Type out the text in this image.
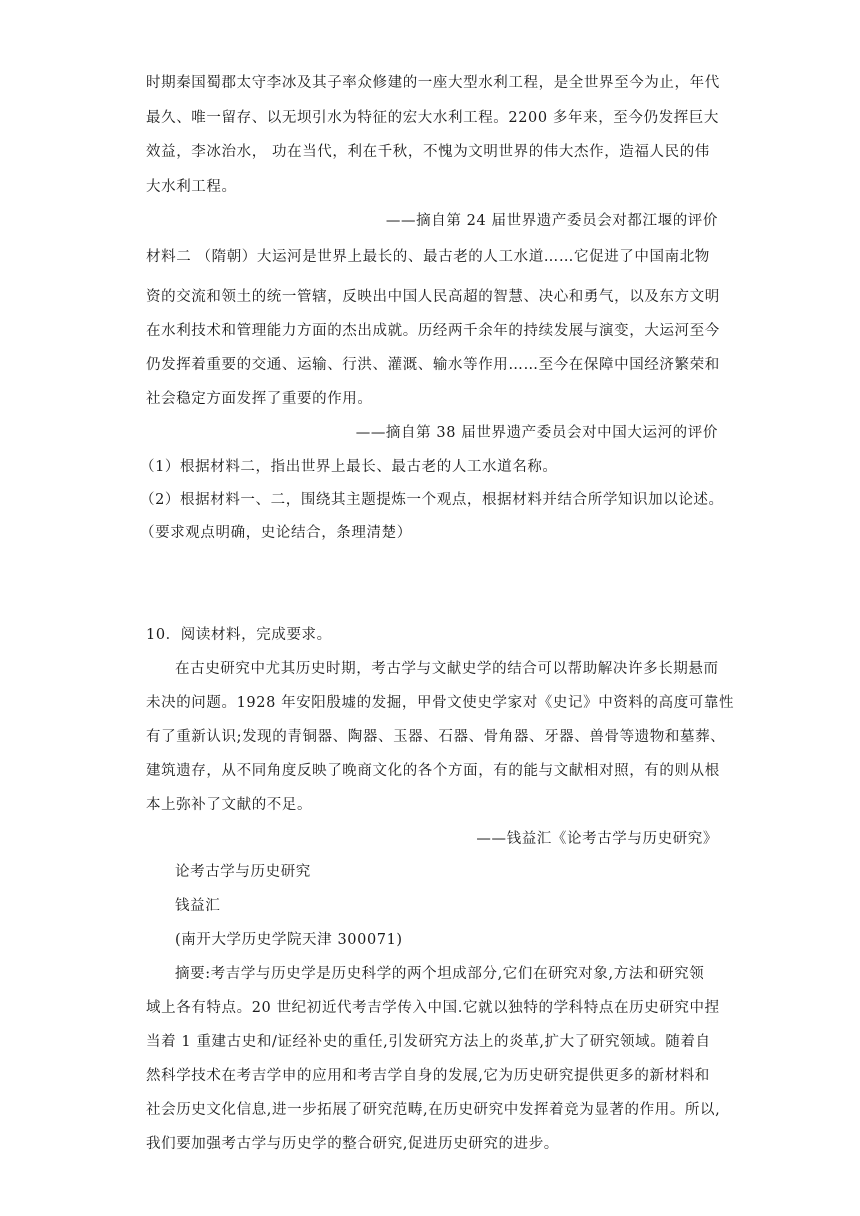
时期秦国蜀郡太守李冰及其子率众修建的一座大型水利工程，是全世界至今为止，年代
最久、唯一留存、以无坝引水为特征的宏大水利工程。2200 多年来，至今仍发挥巨大
效益，李冰治水， 功在当代，利在千秋，不愧为文明世界的伟大杰作，造福人民的伟
大水利工程。
——摘自第 24 届世界遗产委员会对都江堰的评价
材料二 （隋朝）大运河是世界上最长的、最古老的人工水道……它促进了中国南北物
资的交流和领土的统一管辖，反映出中国人民高超的智慧、决心和勇气，以及东方文明
在水利技术和管理能力方面的杰出成就。历经两千余年的持续发展与演变，大运河至今
仍发挥着重要的交通、运输、行洪、灌溉、输水等作用……至今在保障中国经济繁荣和
社会稳定方面发挥了重要的作用。
——摘自第 38 届世界遗产委员会对中国大运河的评价
（1）根据材料二，指出世界上最长、最古老的人工水道名称。
（2）根据材料一、二，围绕其主题提炼一个观点，根据材料并结合所学知识加以论述。
（要求观点明确，史论结合，条理清楚）
10．阅读材料，完成要求。
在古史研究中尤其历史时期，考古学与文献史学的结合可以帮助解决许多长期悬而
未决的问题。1928 年安阳殷墟的发掘，甲骨文使史学家对《史记》中资料的高度可靠性
有了重新认识;发现的青铜器、陶器、玉器、石器、骨角器、牙器、兽骨等遗物和墓葬、
建筑遗存，从不同角度反映了晚商文化的各个方面，有的能与文献相对照，有的则从根
本上弥补了文献的不足。
——钱益汇《论考古学与历史研究》
论考古学与历史研究
钱益汇
(南开大学历史学院天津 300071)
摘要:考吉学与历史学是历史科学的两个坦成部分,它们在研究对象,方法和研究领
域上各有特点。20 世纪初近代考吉学传入中国.它就以独特的学科特点在历史研究中捏
当着 1 重建古史和/证经补史的重任,引发研究方法上的炎革,扩大了研究领域。随着自
然科学技术在考吉学申的应用和考吉学自身的发展,它为历史研究提供更多的新材料和
社会历史文化信息,进一步拓展了研究范畴,在历史研究中发挥着竞为显著的作用。所以,
我们要加强考古学与历史学的整合研究,促进历史研究的进步。
